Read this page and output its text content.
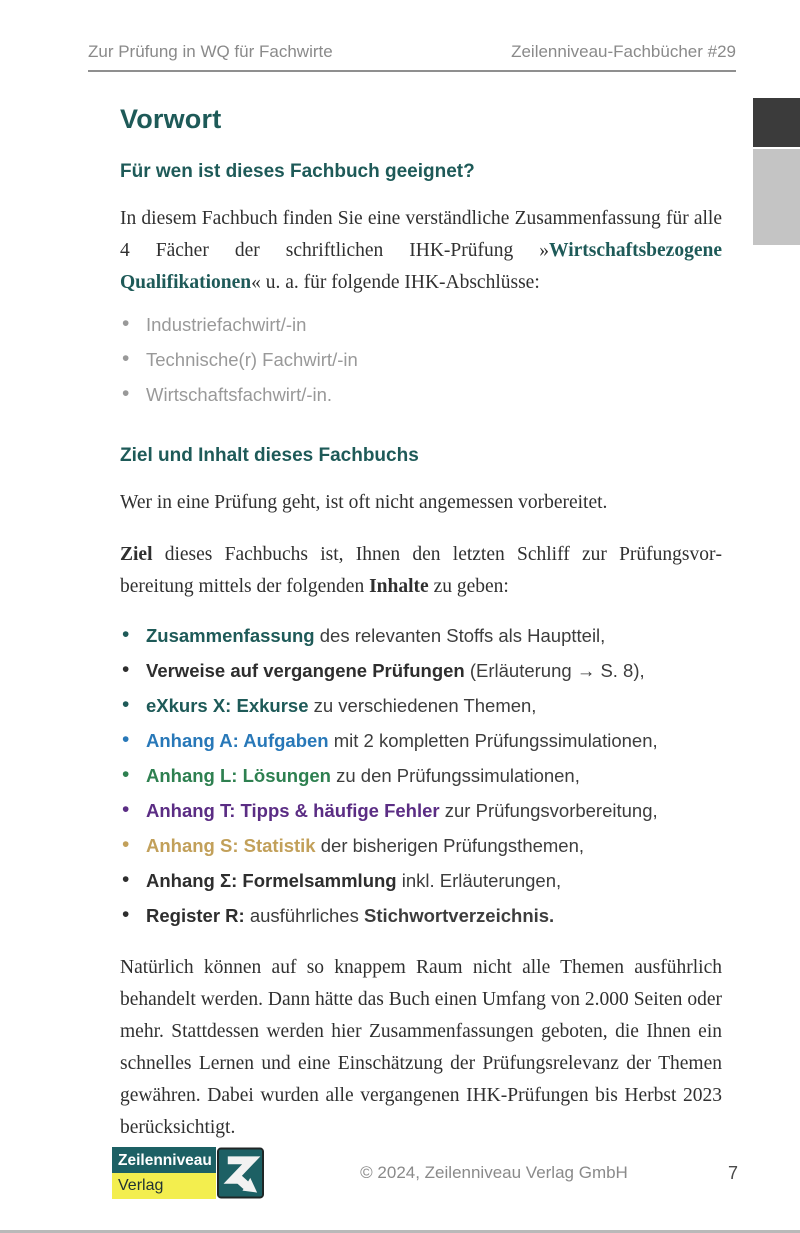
Zur Prüfung in WQ für Fachwirte	Zeilenniveau-Fachbücher #29
Vorwort
Für wen ist dieses Fachbuch geeignet?

In diesem Fachbuch finden Sie eine verständliche Zusammenfassung für alle 4 Fächer der schriftlichen IHK-Prüfung »Wirtschaftsbezogene Qualifikationen« u. a. für folgende IHK-Abschlüsse:

• Industriefachwirt/-in
• Technische(r) Fachwirt/-in
• Wirtschaftsfachwirt/-in.
Ziel und Inhalt dieses Fachbuchs

Wer in eine Prüfung geht, ist oft nicht angemessen vorbereitet.

Ziel dieses Fachbuchs ist, Ihnen den letzten Schliff zur Prüfungsvorbereitung mittels der folgenden Inhalte zu geben:

• Zusammenfassung des relevanten Stoffs als Hauptteil,
• Verweise auf vergangene Prüfungen (Erläuterung → S. 8),
• eXkurs X: Exkurse zu verschiedenen Themen,
• Anhang A: Aufgaben mit 2 kompletten Prüfungssimulationen,
• Anhang L: Lösungen zu den Prüfungssimulationen,
• Anhang T: Tipps & häufige Fehler zur Prüfungsvorbereitung,
• Anhang S: Statistik der bisherigen Prüfungsthemen,
• Anhang Σ: Formelsammlung inkl. Erläuterungen,
• Register R: ausführliches Stichwortverzeichnis.

Natürlich können auf so knappem Raum nicht alle Themen ausführlich behandelt werden. Dann hätte das Buch einen Umfang von 2.000 Seiten oder mehr. Stattdessen werden hier Zusammenfassungen geboten, die Ihnen ein schnelles Lernen und eine Einschätzung der Prüfungsrelevanz der Themen gewähren. Dabei wurden alle vergangenen IHK-Prüfungen bis Herbst 2023 berücksichtigt.

Zeilenniveau
Verlag
© 2024, Zeilenniveau Verlag GmbH	7
